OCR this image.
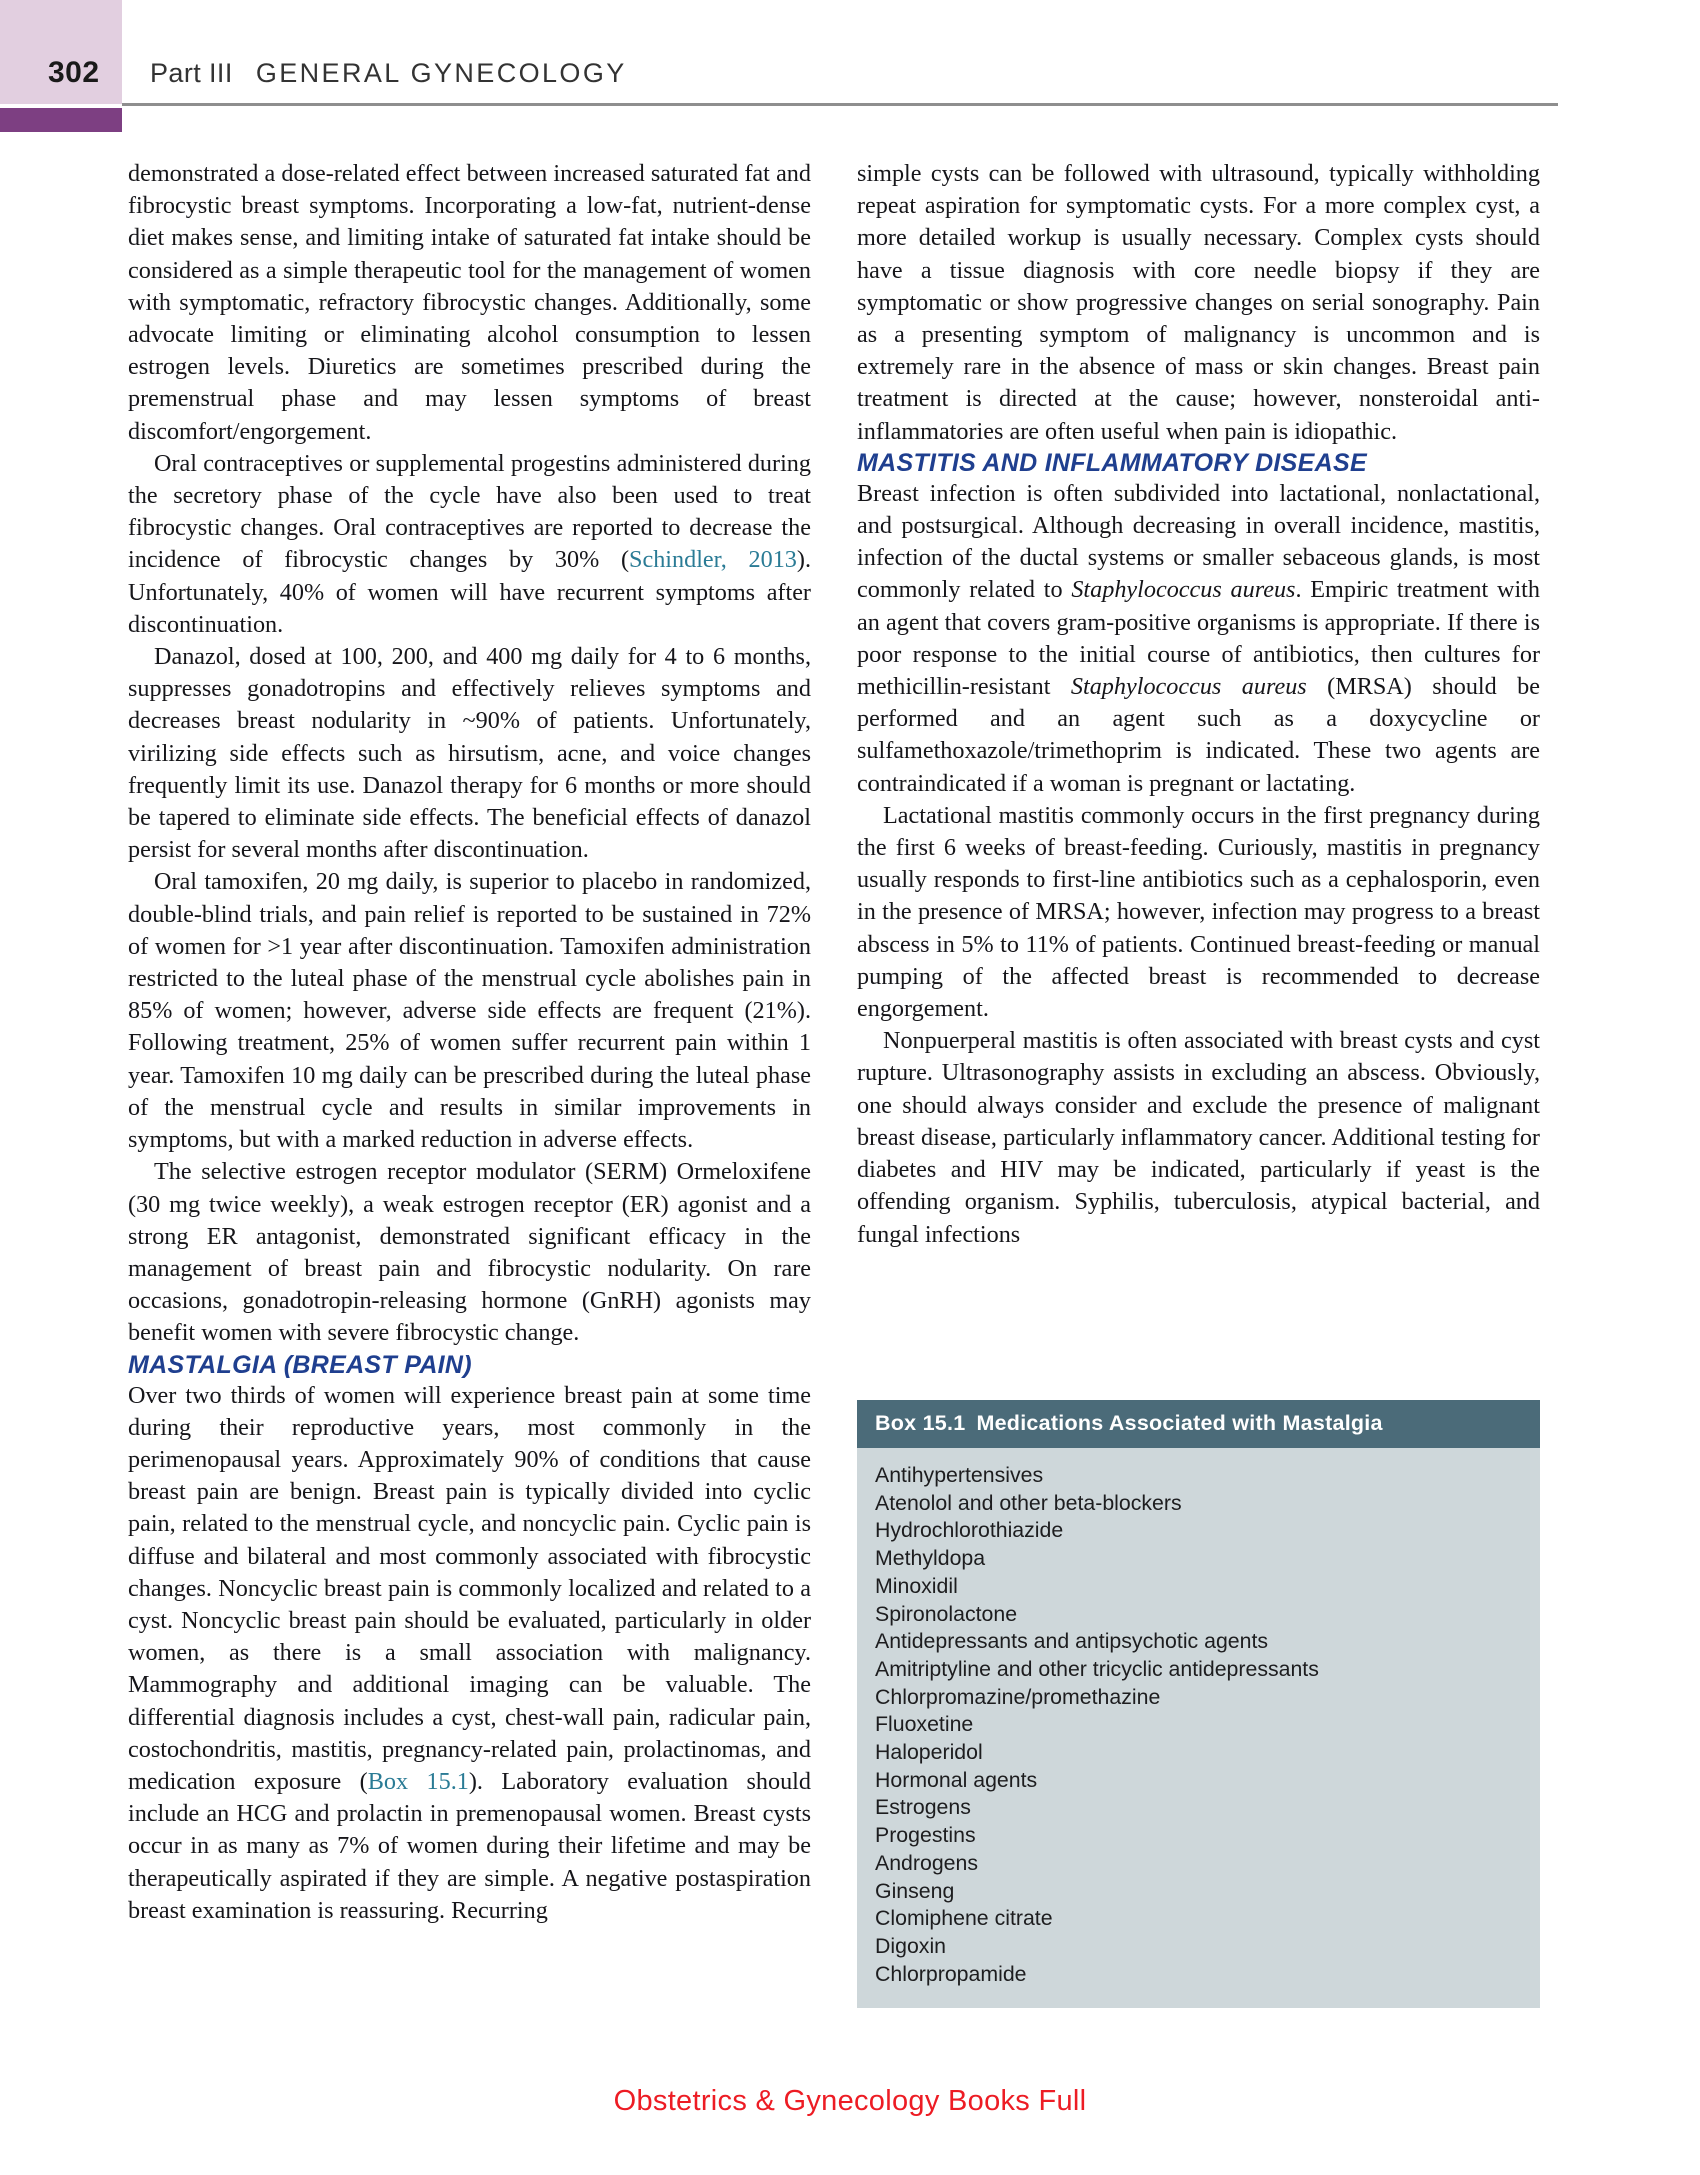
302 Part III GENERAL GYNECOLOGY

demonstrated a dose-related effect between increased saturated fat and fibrocystic breast symptoms. Incorporating a low-fat, nutrient-dense diet makes sense, and limiting intake of saturated fat intake should be considered as a simple therapeutic tool for the management of women with symptomatic, refractory fibrocystic changes. Additionally, some advocate limiting or eliminating alcohol consumption to lessen estrogen levels. Diuretics are sometimes prescribed during the premenstrual phase and may lessen symptoms of breast discomfort/engorgement.

Oral contraceptives or supplemental progestins administered during the secretory phase of the cycle have also been used to treat fibrocystic changes. Oral contraceptives are reported to decrease the incidence of fibrocystic changes by 30% (Schindler, 2013). Unfortunately, 40% of women will have recurrent symptoms after discontinuation.

Danazol, dosed at 100, 200, and 400 mg daily for 4 to 6 months, suppresses gonadotropins and effectively relieves symptoms and decreases breast nodularity in ~90% of patients. Unfortunately, virilizing side effects such as hirsutism, acne, and voice changes frequently limit its use. Danazol therapy for 6 months or more should be tapered to eliminate side effects. The beneficial effects of danazol persist for several months after discontinuation.

Oral tamoxifen, 20 mg daily, is superior to placebo in randomized, double-blind trials, and pain relief is reported to be sustained in 72% of women for >1 year after discontinuation. Tamoxifen administration restricted to the luteal phase of the menstrual cycle abolishes pain in 85% of women; however, adverse side effects are frequent (21%). Following treatment, 25% of women suffer recurrent pain within 1 year. Tamoxifen 10 mg daily can be prescribed during the luteal phase of the menstrual cycle and results in similar improvements in symptoms, but with a marked reduction in adverse effects.

The selective estrogen receptor modulator (SERM) Ormeloxifene (30 mg twice weekly), a weak estrogen receptor (ER) agonist and a strong ER antagonist, demonstrated significant efficacy in the management of breast pain and fibrocystic nodularity. On rare occasions, gonadotropin-releasing hormone (GnRH) agonists may benefit women with severe fibrocystic change.

MASTALGIA (BREAST PAIN)

Over two thirds of women will experience breast pain at some time during their reproductive years, most commonly in the perimenopausal years. Approximately 90% of conditions that cause breast pain are benign. Breast pain is typically divided into cyclic pain, related to the menstrual cycle, and noncyclic pain. Cyclic pain is diffuse and bilateral and most commonly associated with fibrocystic changes. Noncyclic breast pain is commonly localized and related to a cyst. Noncyclic breast pain should be evaluated, particularly in older women, as there is a small association with malignancy. Mammography and additional imaging can be valuable. The differential diagnosis includes a cyst, chest-wall pain, radicular pain, costochondritis, mastitis, pregnancy-related pain, prolactinomas, and medication exposure (Box 15.1). Laboratory evaluation should include an HCG and prolactin in premenopausal women. Breast cysts occur in as many as 7% of women during their lifetime and may be therapeutically aspirated if they are simple. A negative postaspiration breast examination is reassuring. Recurring

simple cysts can be followed with ultrasound, typically withholding repeat aspiration for symptomatic cysts. For a more complex cyst, a more detailed workup is usually necessary. Complex cysts should have a tissue diagnosis with core needle biopsy if they are symptomatic or show progressive changes on serial sonography. Pain as a presenting symptom of malignancy is uncommon and is extremely rare in the absence of mass or skin changes. Breast pain treatment is directed at the cause; however, nonsteroidal anti-inflammatories are often useful when pain is idiopathic.

MASTITIS AND INFLAMMATORY DISEASE

Breast infection is often subdivided into lactational, nonlactational, and postsurgical. Although decreasing in overall incidence, mastitis, infection of the ductal systems or smaller sebaceous glands, is most commonly related to Staphylococcus aureus. Empiric treatment with an agent that covers gram-positive organisms is appropriate. If there is poor response to the initial course of antibiotics, then cultures for methicillin-resistant Staphylococcus aureus (MRSA) should be performed and an agent such as a doxycycline or sulfamethoxazole/trimethoprim is indicated. These two agents are contraindicated if a woman is pregnant or lactating.

Lactational mastitis commonly occurs in the first pregnancy during the first 6 weeks of breast-feeding. Curiously, mastitis in pregnancy usually responds to first-line antibiotics such as a cephalosporin, even in the presence of MRSA; however, infection may progress to a breast abscess in 5% to 11% of patients. Continued breast-feeding or manual pumping of the affected breast is recommended to decrease engorgement.

Nonpuerperal mastitis is often associated with breast cysts and cyst rupture. Ultrasonography assists in excluding an abscess. Obviously, one should always consider and exclude the presence of malignant breast disease, particularly inflammatory cancer. Additional testing for diabetes and HIV may be indicated, particularly if yeast is the offending organism. Syphilis, tuberculosis, atypical bacterial, and fungal infections

Box 15.1 Medications Associated with Mastalgia
Antihypertensives
Atenolol and other beta-blockers
Hydrochlorothiazide
Methyldopa
Minoxidil
Spironolactone
Antidepressants and antipsychotic agents
Amitriptyline and other tricyclic antidepressants
Chlorpromazine/promethazine
Fluoxetine
Haloperidol
Hormonal agents
Estrogens
Progestins
Androgens
Ginseng
Clomiphene citrate
Digoxin
Chlorpropamide
Obstetrics & Gynecology Books Full
